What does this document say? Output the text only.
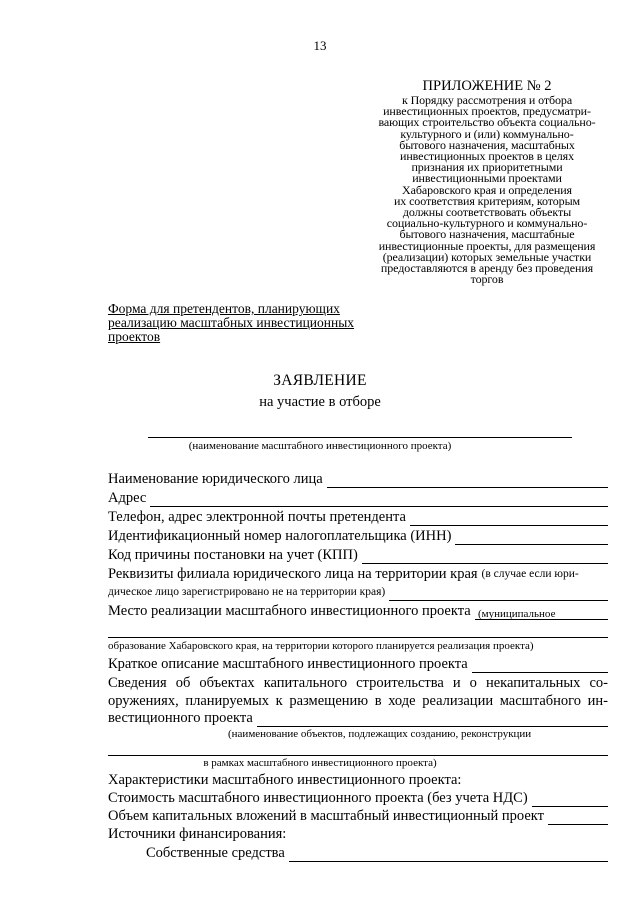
13
ПРИЛОЖЕНИЕ № 2
к Порядку рассмотрения и отбора
инвестиционных проектов, предусматри-
вающих строительство объекта социально-
культурного и (или) коммунально-
бытового назначения, масштабных
инвестиционных проектов в целях
признания их приоритетными
инвестиционными проектами
Хабаровского края и определения
их соответствия критериям, которым
должны соответствовать объекты
социально-культурного и коммунально-
бытового назначения, масштабные
инвестиционные проекты, для размещения
(реализации) которых земельные участки
предоставляются в аренду без проведения
торгов
Форма для претендентов, планирующих
реализацию масштабных инвестиционных
проектов
ЗАЯВЛЕНИЕ
на участие в отборе
(наименование масштабного инвестиционного проекта)
Наименование юридического лица
Адрес
Телефон, адрес электронной почты претендента
Идентификационный номер налогоплательщика (ИНН)
Код причины постановки на учет (КПП)
Реквизиты филиала юридического лица на территории края (в случае если юри-
дическое лицо зарегистрировано не на территории края)
Место реализации масштабного инвестиционного проекта (муниципальное
образование Хабаровского края, на территории которого планируется реализация проекта)
Краткое описание масштабного инвестиционного проекта
Сведения об объектах капитального строительства и о некапитальных со-
оружениях, планируемых к размещению в ходе реализации масштабного ин-
вестиционного проекта
(наименование объектов, подлежащих созданию, реконструкции
в рамках масштабного инвестиционного проекта)
Характеристики масштабного инвестиционного проекта:
Стоимость масштабного инвестиционного проекта (без учета НДС)
Объем капитальных вложений в масштабный инвестиционный проект
Источники финансирования:
Собственные средства
